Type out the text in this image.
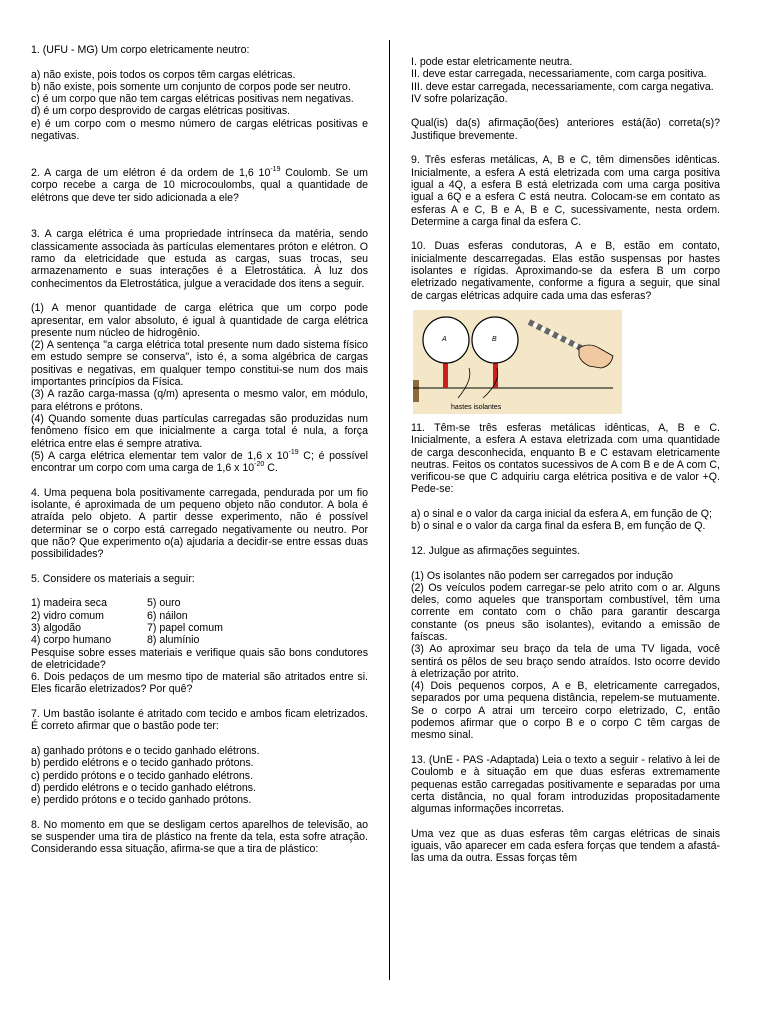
1. (UFU - MG) Um corpo eletricamente neutro:

a) não existe, pois todos os corpos têm cargas elétricas.

b) não existe, pois somente um conjunto de corpos pode ser neutro.

c) é um corpo que não tem cargas elétricas positivas nem negativas.

d) é um corpo desprovido de cargas elétricas positivas.

e) é um corpo com o mesmo número de cargas elétricas positivas e negativas.

2. A carga de um elétron é da ordem de 1,6 $10^{-19}$ Coulomb. Se um corpo recebe a carga de 10 microcoulombs, qual a quantidade de elétrons que deve ter sido adicionada a ele?

3. A carga elétrica é uma propriedade intrínseca da matéria, sendo classicamente associada às partículas elementares próton e elétron. O ramo da eletricidade que estuda as cargas, suas trocas, seu armazenamento e suas interações é a Eletrostática. À luz dos conhecimentos da Eletrostática, julgue a veracidade dos itens a seguir.

(1) A menor quantidade de carga elétrica que um corpo pode apresentar, em valor absoluto, é igual à quantidade de carga elétrica presente num núcleo de hidrogênio.

(2) A sentença "a carga elétrica total presente num dado sistema físico em estudo sempre se conserva", isto é, a soma algébrica de cargas positivas e negativas, em qualquer tempo constitui-se num dos mais importantes princípios da Física.

(3) A razão carga-massa (q/m) apresenta o mesmo valor, em módulo, para elétrons e prótons.

(4) Quando somente duas partículas carregadas são produzidas num fenômeno físico em que inicialmente a carga total é nula, a força elétrica entre elas é sempre atrativa.

(5) A carga elétrica elementar tem valor de 1,6 x $10^{-19}$ C; é possível encontrar um corpo com uma carga de 1,6 x $10^{-20}$ C.

4. Uma pequena bola positivamente carregada, pendurada por um fio isolante, é aproximada de um pequeno objeto não condutor. A bola é atraída pelo objeto. A partir desse experimento, não é possível determinar se o corpo está carregado negativamente ou neutro. Por que não? Que experimento o(a) ajudaria a decidir-se entre essas duas possibilidades?

5. Considere os materiais a seguir:

1) madeira seca	5) ouro
2) vidro comum	6) náilon
3) algodão	7) papel comum
4) corpo humano	8) alumínio

Pesquise sobre esses materiais e verifique quais são bons condutores de eletricidade?

6. Dois pedaços de um mesmo tipo de material são atritados entre si. Eles ficarão eletrizados? Por quê?

7. Um bastão isolante é atritado com tecido e ambos ficam eletrizados. É correto afirmar que o bastão pode ter:

a) ganhado prótons e o tecido ganhado elétrons.

b) perdido elétrons e o tecido ganhado prótons.

c) perdido prótons e o tecido ganhado elétrons.

d) perdido elétrons e o tecido ganhado elétrons.

e) perdido prótons e o tecido ganhado prótons.

8. No momento em que se desligam certos aparelhos de televisão, ao se suspender uma tira de plástico na frente da tela, esta sofre atração. Considerando essa situação, afirma-se que a tira de plástico:

I. pode estar eletricamente neutra.

II. deve estar carregada, necessariamente, com carga positiva.

III. deve estar carregada, necessariamente, com carga negativa.

IV sofre polarização.

Qual(is) da(s) afirmação(ões) anteriores está(ão) correta(s)? Justifique brevemente.

9. Três esferas metálicas, A, B e C, têm dimensões idênticas. Inicialmente, a esfera A está eletrizada com uma carga positiva igual a 4Q, a esfera B está eletrizada com uma carga positiva igual a 6Q e a esfera C está neutra. Colocam-se em contato as esferas A e C, B e A, B e C, sucessivamente, nesta ordem. Determine a carga final da esfera C.

10. Duas esferas condutoras, A e B, estão em contato, inicialmente descarregadas. Elas estão suspensas por hastes isolantes e rígidas. Aproximando-se da esfera B um corpo eletrizado negativamente, conforme a figura a seguir, que sinal de cargas elétricas adquire cada uma das esferas?

A	B
hastes isolantes

11. Têm-se três esferas metálicas idênticas, A, B e C. Inicialmente, a esfera A estava eletrizada com uma quantidade de carga desconhecida, enquanto B e C estavam eletricamente neutras. Feitos os contatos sucessivos de A com B e de A com C, verificou-se que C adquiriu carga elétrica positiva e de valor +Q. Pede-se:

a) o sinal e o valor da carga inicial da esfera A, em função de Q;

b) o sinal e o valor da carga final da esfera B, em função de Q.

12. Julgue as afirmações seguintes.

(1) Os isolantes não podem ser carregados por indução

(2) Os veículos podem carregar-se pelo atrito com o ar. Alguns deles, como aqueles que transportam combustível, têm uma corrente em contato com o chão para garantir descarga constante (os pneus são isolantes), evitando a emissão de faíscas.

(3) Ao aproximar seu braço da tela de uma TV ligada, você sentirá os pêlos de seu braço sendo atraídos. Isto ocorre devido à eletrização por atrito.

(4) Dois pequenos corpos, A e B, eletricamente carregados, separados por uma pequena distância, repelem-se mutuamente. Se o corpo A atrai um terceiro corpo eletrizado, C, então podemos afirmar que o corpo B e o corpo C têm cargas de mesmo sinal.

13. (UnE - PAS -Adaptada) Leia o texto a seguir - relativo à lei de Coulomb e à situação em que duas esferas extremamente pequenas estão carregadas positivamente e separadas por uma certa distância, no qual foram introduzidas propositadamente algumas informações incorretas.

Uma vez que as duas esferas têm cargas elétricas de sinais iguais, vão aparecer em cada esfera forças que tendem a afastá-las uma da outra. Essas forças têm
